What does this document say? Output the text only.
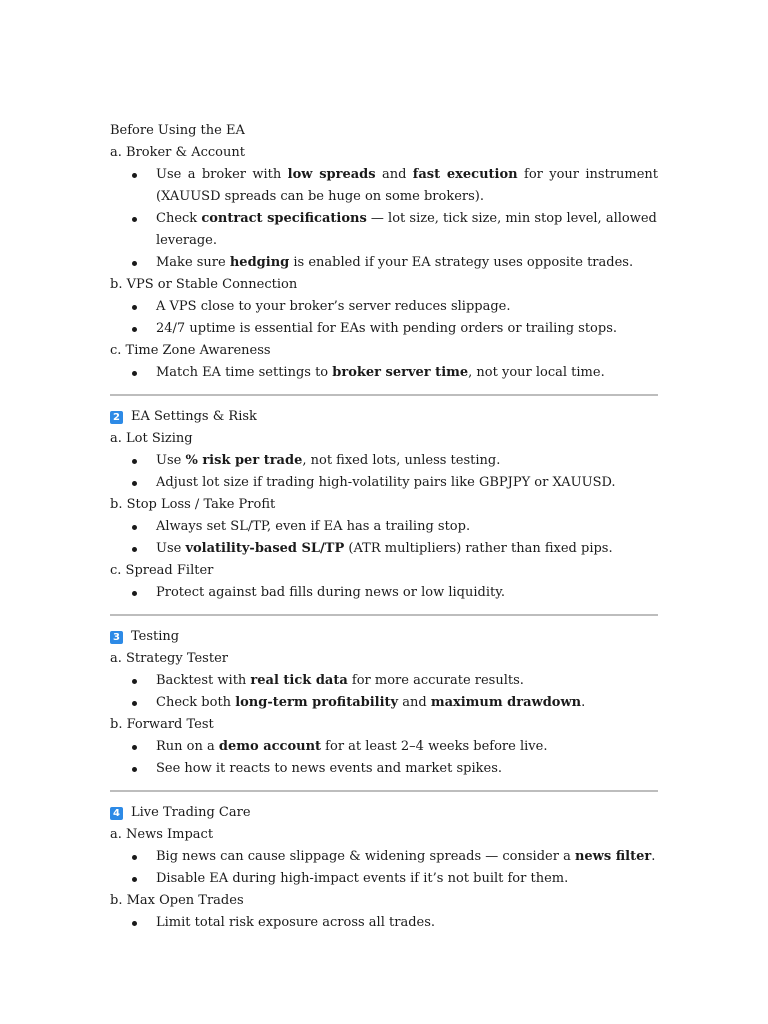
Before Using the EA
a. Broker & Account
Use a broker with low spreads and fast execution for your instrument (XAUUSD spreads can be huge on some brokers).
Check contract specifications — lot size, tick size, min stop level, allowed leverage.
Make sure hedging is enabled if your EA strategy uses opposite trades.
b. VPS or Stable Connection
A VPS close to your broker’s server reduces slippage.
24/7 uptime is essential for EAs with pending orders or trailing stops.
c. Time Zone Awareness
Match EA time settings to broker server time, not your local time.
2 EA Settings & Risk
a. Lot Sizing
Use % risk per trade, not fixed lots, unless testing.
Adjust lot size if trading high-volatility pairs like GBPJPY or XAUUSD.
b. Stop Loss / Take Profit
Always set SL/TP, even if EA has a trailing stop.
Use volatility-based SL/TP (ATR multipliers) rather than fixed pips.
c. Spread Filter
Protect against bad fills during news or low liquidity.
3 Testing
a. Strategy Tester
Backtest with real tick data for more accurate results.
Check both long-term profitability and maximum drawdown.
b. Forward Test
Run on a demo account for at least 2–4 weeks before live.
See how it reacts to news events and market spikes.
4 Live Trading Care
a. News Impact
Big news can cause slippage & widening spreads — consider a news filter.
Disable EA during high-impact events if it’s not built for them.
b. Max Open Trades
Limit total risk exposure across all trades.
